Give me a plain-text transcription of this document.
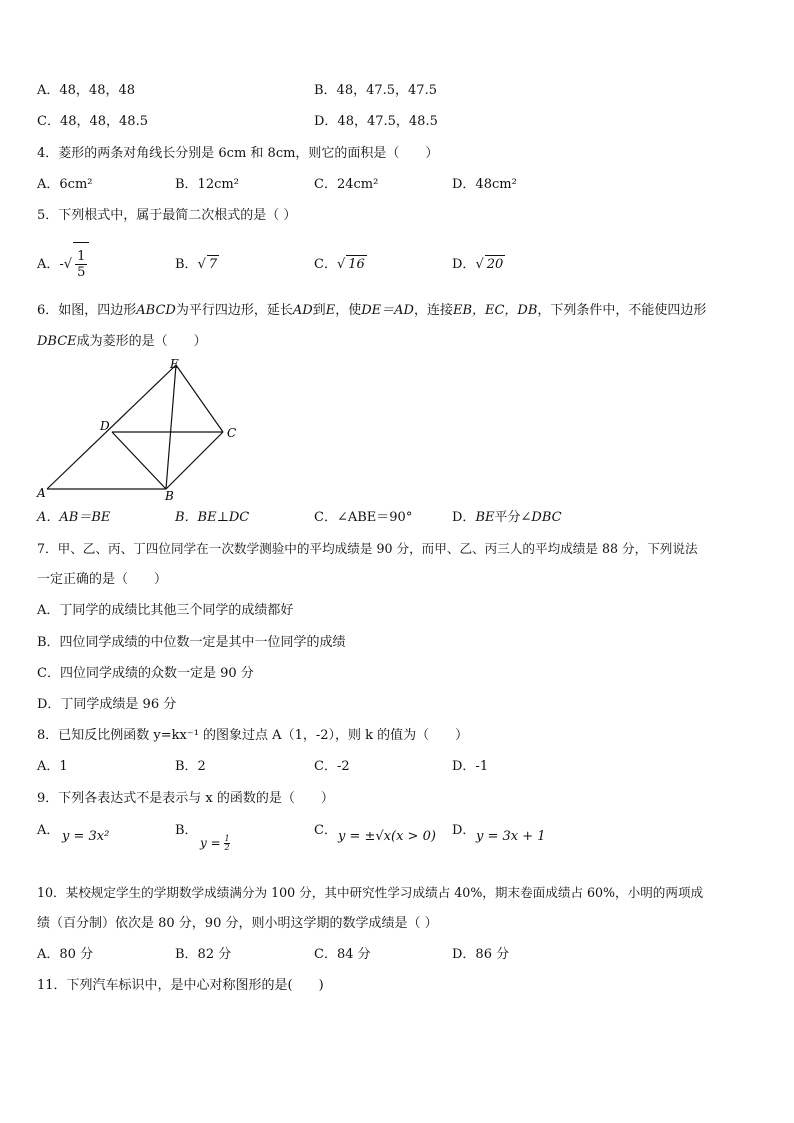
A．48，48，48	B．48，47.5，47.5
C．48，48，48.5	D．48，47.5，48.5
4．菱形的两条对角线长分别是 6cm 和 8cm，则它的面积是（　　）
A．6cm²	B．12cm²	C．24cm²	D．48cm²
5．下列根式中，属于最简二次根式的是（ ）
A．-√ $\frac{1}{5}$	B．√ 7	C．√ 16	D．√ 20
6．如图，四边形ABCD为平行四边形，延长AD到E，使DE＝AD，连接EB，EC，DB，下列条件中，不能使四边形
DBCE成为菱形的是（　　）
E
D	C
A	B
A．AB＝BE	B．BE⊥DC	C．∠ABE＝90°	D．BE平分∠DBC
7．甲、乙、丙、丁四位同学在一次数学测验中的平均成绩是 90 分，而甲、乙、丙三人的平均成绩是 88 分，下列说法
一定正确的是（　　）
A．丁同学的成绩比其他三个同学的成绩都好
B．四位同学成绩的中位数一定是其中一位同学的成绩
C．四位同学成绩的众数一定是 90 分
D．丁同学成绩是 96 分
8．已知反比例函数 y=kx⁻¹ 的图象过点 A（1，-2），则 k 的值为（　　）
A．1	B．2	C．-2	D．-1
9．下列各表达式不是表示与 x 的函数的是（　　）
A． y = 3x²	B．
$y = \frac{1}{2}$
C． y = ±√x(x > 0) D． y = 3x + 1
10．某校规定学生的学期数学成绩满分为 100 分，其中研究性学习成绩占 40%，期末卷面成绩占 60%，小明的两项成
绩（百分制）依次是 80 分，90 分，则小明这学期的数学成绩是（ ）
A．80 分	B．82 分	C．84 分	D．86 分
11．下列汽车标识中，是中心对称图形的是(　　)
